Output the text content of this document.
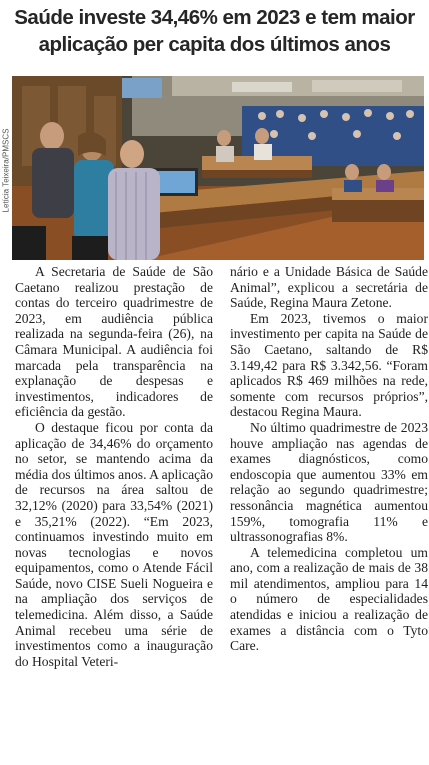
Saúde investe 34,46% em 2023 e tem maior
aplicação per capita dos últimos anos
Letícia Teixeira/PMSCS

A Secretaria de Saúde de São Caetano realizou prestação de contas do terceiro quadrimestre de 2023, em audiência pública realizada na segunda-feira (26), na Câmara Municipal. A audiência foi marcada pela transparência na explanação de despesas e investimentos, indicadores de eficiência da gestão.

O destaque ficou por conta da aplicação de 34,46% do orçamento no setor, se mantendo acima da média dos últimos anos. A aplicação de recursos na área saltou de 32,12% (2020) para 33,54% (2021) e 35,21% (2022). “Em 2023, continuamos investindo muito em novas tecnologias e novos equipamentos, como o Atende Fácil Saúde, novo CISE Sueli Nogueira e na ampliação dos serviços de telemedicina. Além disso, a Saúde Animal recebeu uma série de investimentos como a inauguração do Hospital Veteri-

nário e a Unidade Básica de Saúde Animal”, explicou a secretária de Saúde, Regina Maura Zetone.

Em 2023, tivemos o maior investimento per capita na Saúde de São Caetano, saltando de R$ 3.149,42 para R$ 3.342,56. “Foram aplicados R$ 469 milhões na rede, somente com recursos próprios”, destacou Regina Maura.

No último quadrimestre de 2023 houve ampliação nas agendas de exames diagnósticos, como endoscopia que aumentou 33% em relação ao segundo quadrimestre; ressonância magnética aumentou 159%, tomografia 11% e ultrassonografias 8%.

A telemedicina completou um ano, com a realização de mais de 38 mil atendimentos, ampliou para 14 o número de especialidades atendidas e iniciou a realização de exames a distância com o Tyto Care.
